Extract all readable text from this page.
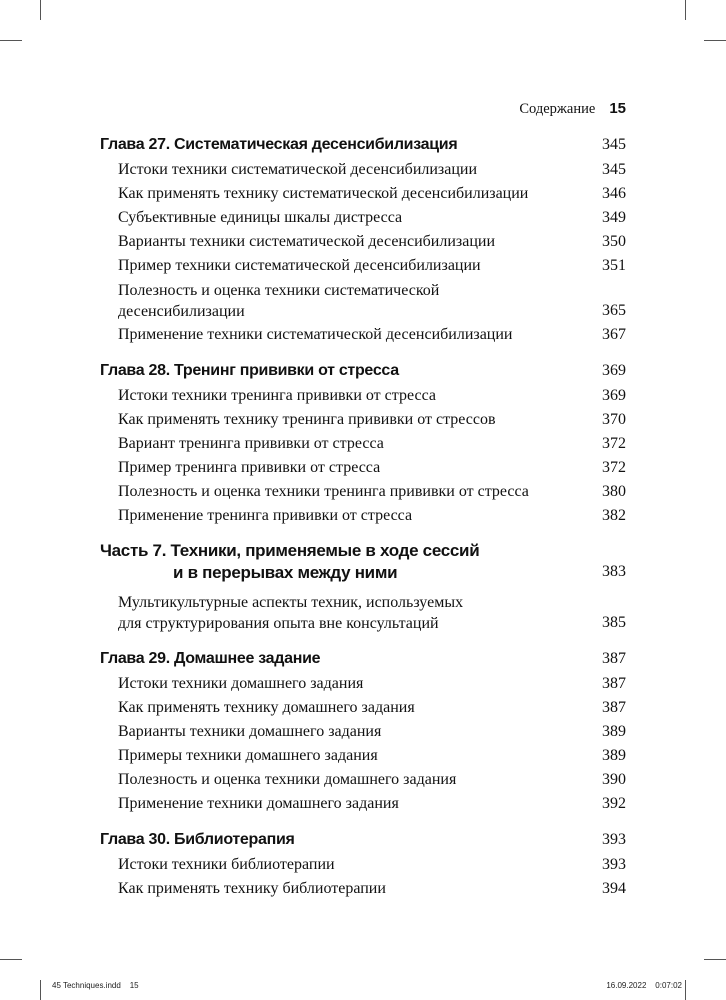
Содержание 15
Глава 27. Систематическая десенсибилизация	345
Истоки техники систематической десенсибилизации	345
Как применять технику систематической десенсибилизации	346
Субъективные единицы шкалы дистресса	349
Варианты техники систематической десенсибилизации	350
Пример техники систематической десенсибилизации	351
Полезность и оценка техники систематической
десенсибилизации	365
Применение техники систематической десенсибилизации	367
Глава 28. Тренинг прививки от стресса	369
Истоки техники тренинга прививки от стресса	369
Как применять технику тренинга прививки от стрессов	370
Вариант тренинга прививки от стресса	372
Пример тренинга прививки от стресса	372
Полезность и оценка техники тренинга прививки от стресса	380
Применение тренинга прививки от стресса	382
Часть 7. Техники, применяемые в ходе сессий
и в перерывах между ними	383
Мультикультурные аспекты техник, используемых
для структурирования опыта вне консультаций	385
Глава 29. Домашнее задание	387
Истоки техники домашнего задания	387
Как применять технику домашнего задания	387
Варианты техники домашнего задания	389
Примеры техники домашнего задания	389
Полезность и оценка техники домашнего задания	390
Применение техники домашнего задания	392
Глава 30. Библиотерапия	393
Истоки техники библиотерапии	393
Как применять технику библиотерапии	394
45 Techniques.indd 15	16.09.2022 0:07:02
